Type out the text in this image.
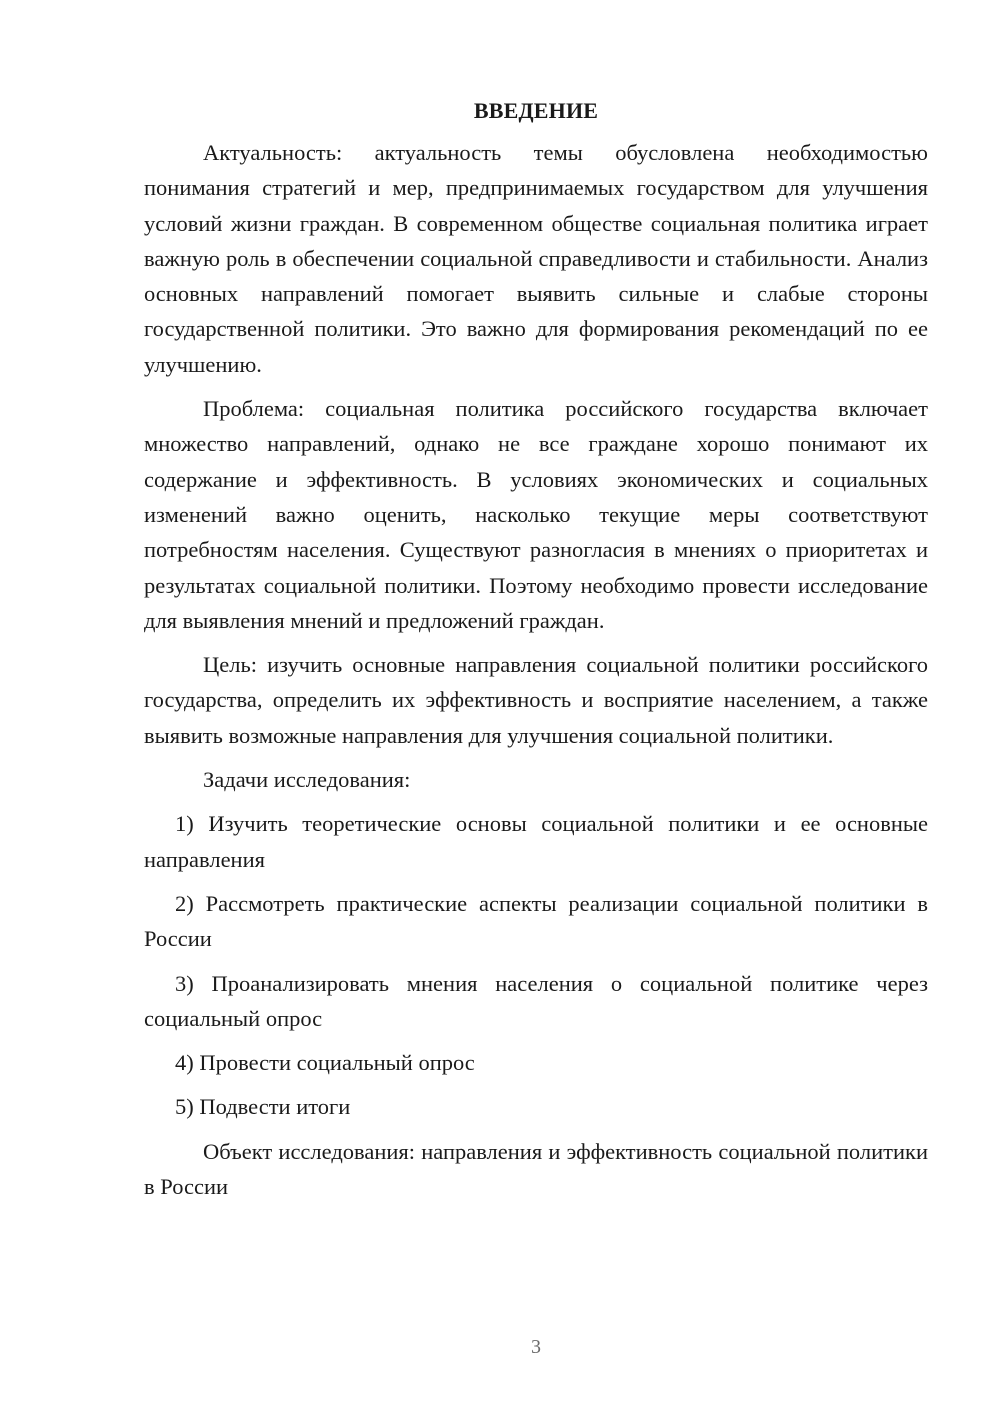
ВВЕДЕНИЕ

Актуальность: актуальность темы обусловлена необходимостью понимания стратегий и мер, предпринимаемых государством для улучшения условий жизни граждан. В современном обществе социальная политика играет важную роль в обеспечении социальной справедливости и стабильности. Анализ основных направлений помогает выявить сильные и слабые стороны государственной политики. Это важно для формирования рекомендаций по ее улучшению.

Проблема: социальная политика российского государства включает множество направлений, однако не все граждане хорошо понимают их содержание и эффективность. В условиях экономических и социальных изменений важно оценить, насколько текущие меры соответствуют потребностям населения. Существуют разногласия в мнениях о приоритетах и результатах социальной политики. Поэтому необходимо провести исследование для выявления мнений и предложений граждан.

Цель: изучить основные направления социальной политики российского государства, определить их эффективность и восприятие населением, а также выявить возможные направления для улучшения социальной политики.

Задачи исследования:

1) Изучить теоретические основы социальной политики и ее основные направления

2) Рассмотреть практические аспекты реализации социальной политики в России

3) Проанализировать мнения населения о социальной политике через социальный опрос

4) Провести социальный опрос

5) Подвести итоги

Объект исследования: направления и эффективность социальной политики в России

3
